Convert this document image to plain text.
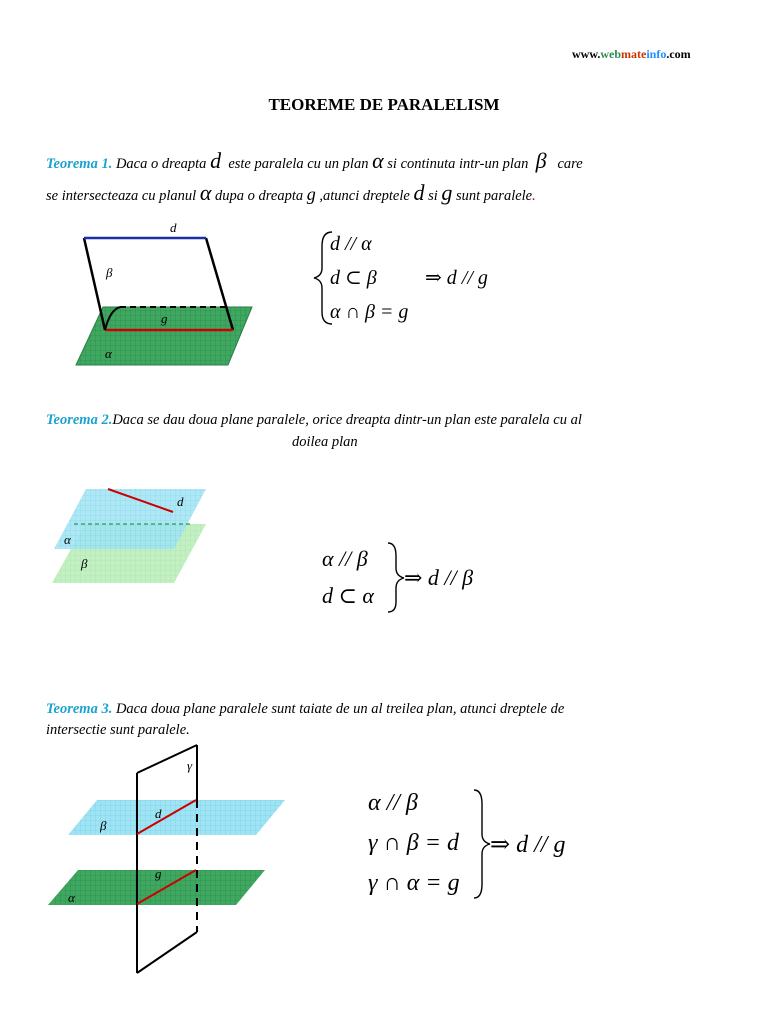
www.webmateinfo.com
TEOREME DE PARALELISM
Teorema 1. Daca o dreapta d este paralela cu un plan α si continuta intr-un plan β care
se intersecteaza cu planul α dupa o dreapta g ,atunci dreptele d si g sunt paralele.
d
β
g
α
d // α
d ⊂ β ⇒ d // g
α ∩ β = g
Teorema 2.Daca se dau doua plane paralele, orice dreapta dintr-un plan este paralela cu al
doilea plan
d
α
β	α // β
d ⊂ α
⇒ d // β
Teorema 3. Daca doua plane paralele sunt taiate de un al treilea plan, atunci dreptele de
intersectie sunt paralele.
γ
d
β
g
α
α // β
γ ∩ β = d
γ ∩ α = g
⇒ d // g
